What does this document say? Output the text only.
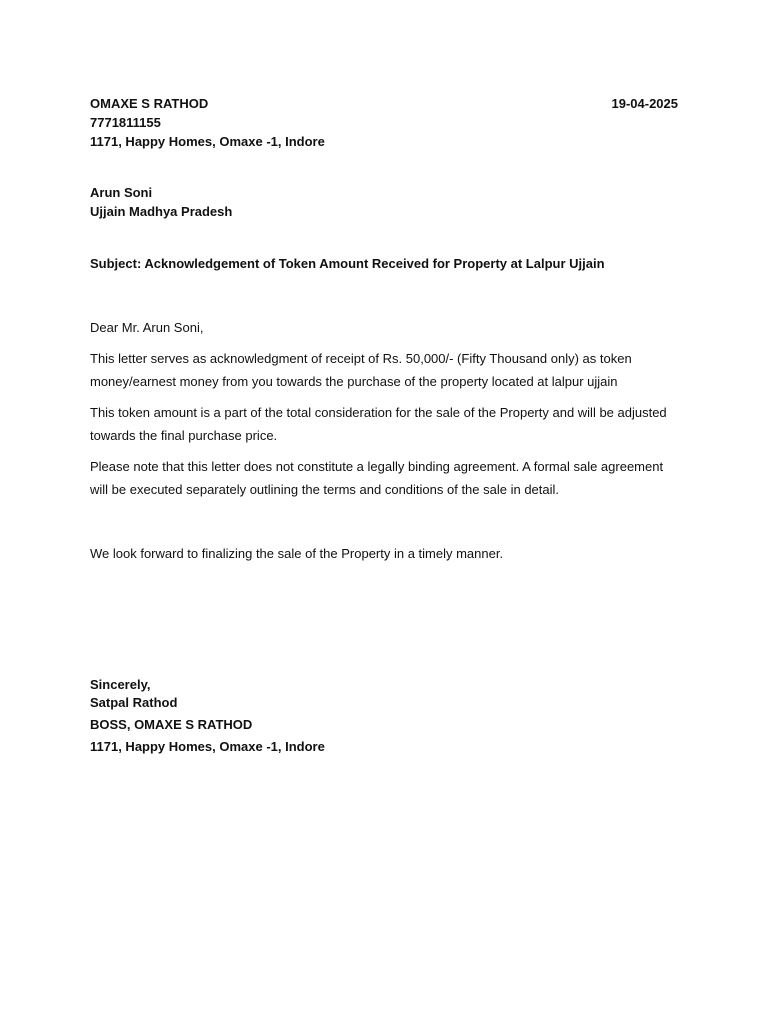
OMAXE S RATHOD	19-04-2025
7771811155
1171, Happy Homes, Omaxe -1, Indore
Arun Soni
Ujjain Madhya Pradesh
Subject: Acknowledgement of Token Amount Received for Property at Lalpur Ujjain
Dear Mr. Arun Soni,
This letter serves as acknowledgment of receipt of Rs. 50,000/- (Fifty Thousand only) as token money/earnest money from you towards the purchase of the property located at lalpur ujjain
This token amount is a part of the total consideration for the sale of the Property and will be adjusted towards the final purchase price.
Please note that this letter does not constitute a legally binding agreement. A formal sale agreement will be executed separately outlining the terms and conditions of the sale in detail.
We look forward to finalizing the sale of the Property in a timely manner.
Sincerely,
Satpal Rathod
BOSS, OMAXE S RATHOD
1171, Happy Homes, Omaxe -1, Indore
